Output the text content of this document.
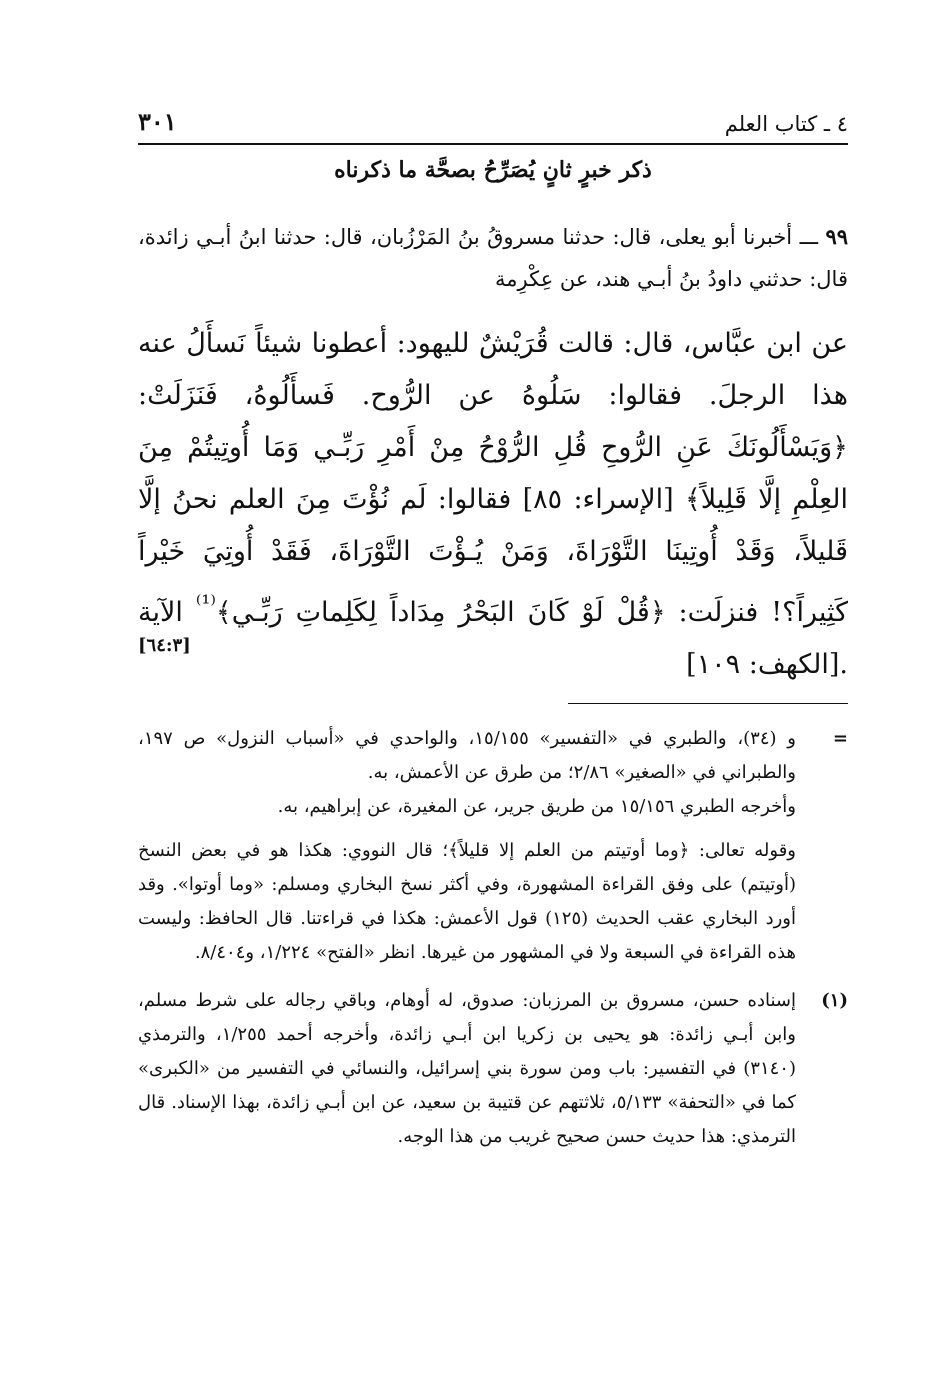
٤ ـ كتاب العلم
٣٠١
ذكر خبرٍ ثانٍ يُصَرِّحُ بصحَّة ما ذكرناه
٩٩ ـــ أخبرنا أبو يعلى، قال: حدثنا مسروقُ بنُ المَرْزُبان، قال: حدثنا ابنُ أبـي زائدة، قال: حدثني داودُ بنُ أبـي هند، عن عِكْرِمة
عن ابن عبَّاس، قال: قالت قُرَيْشٌ لليهود: أعطونا شيئاً نَسأَلُ عنه هذا الرجلَ. فقالوا: سَلُوهُ عن الرُّوح. فَسأَلُوهُ، فَنَزَلَتْ: ﴿وَيَسْأَلُونَكَ عَنِ الرُّوحِ قُلِ الرُّوْحُ مِنْ أَمْرِ رَبِّـي وَمَا أُوتِيتُمْ مِنَ العِلْمِ إلَّا قَلِيلاً﴾ [الإسراء: ٨٥] فقالوا: لَم نُؤْتَ مِنَ العلم نحنُ إلَّا قَليلاً، وَقَدْ أُوتِينَا التَّوْرَاةَ، وَمَنْ يُـؤْتَ التَّوْرَاةَ، فَقَدْ أُوتِيَ خَيْراً كَثِيراً؟! فنزلَت: ﴿قُلْ لَوْ كَانَ البَحْرُ مِدَاداً لِكَلِماتِ رَبِّـي﴾$^{^{(1)}}$ الآية [الكهف: ١٠٩].
[٦٤:٣]
=

و (٣٤)، والطبري في «التفسير» ١٥/١٥٥، والواحدي في «أسباب النزول» ص ١٩٧، والطبراني في «الصغير» ٢/٨٦؛ من طرق عن الأعمش، به.

وأخرجه الطبري ١٥/١٥٦ من طريق جرير، عن المغيرة، عن إبراهيم، به.

وقوله تعالى: ﴿وما أوتيتم من العلم إلا قليلاً﴾؛ قال النووي: هكذا هو في بعض النسخ (أوتيتم) على وفق القراءة المشهورة، وفي أكثر نسخ البخاري ومسلم: «وما أوتوا». وقد أورد البخاري عقب الحديث (١٢٥) قول الأعمش: هكذا في قراءتنا. قال الحافظ: وليست هذه القراءة في السبعة ولا في المشهور من غيرها. انظر «الفتح» ١/٢٢٤، و٨/٤٠٤.

(١)

إسناده حسن، مسروق بن المرزبان: صدوق، له أوهام، وباقي رجاله على شرط مسلم، وابن أبـي زائدة: هو يحيى بن زكريا ابن أبـي زائدة، وأخرجه أحمد ١/٢٥٥، والترمذي (٣١٤٠) في التفسير: باب ومن سورة بني إسرائيل، والنسائي في التفسير من «الكبرى» كما في «التحفة» ٥/١٣٣، ثلاثتهم عن قتيبة بن سعيد، عن ابن أبـي زائدة، بهذا الإسناد. قال الترمذي: هذا حديث حسن صحيح غريب من هذا الوجه.
